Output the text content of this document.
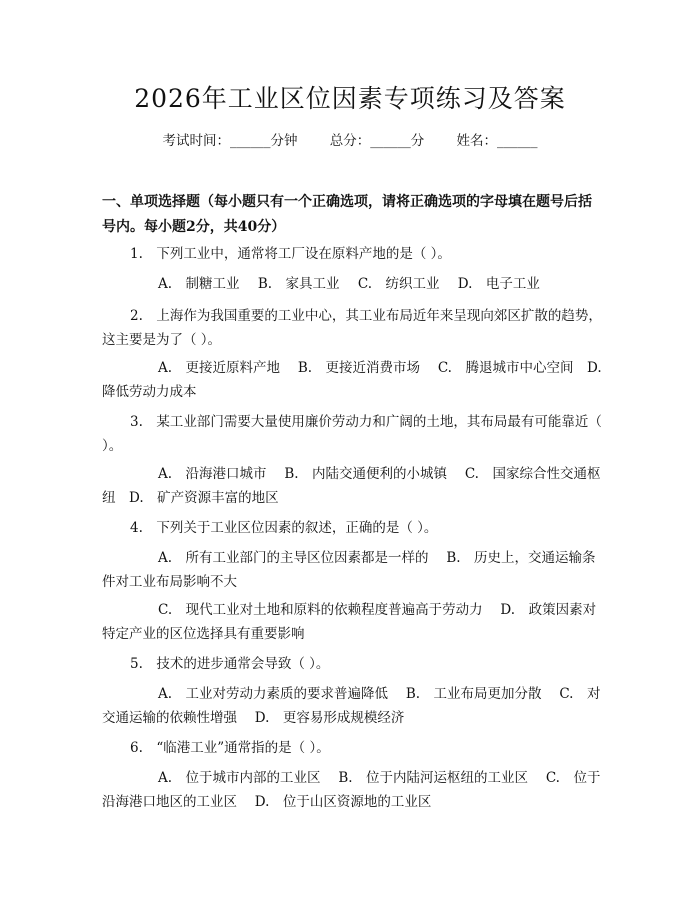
2026年工业区位因素专项练习及答案
考试时间：______分钟 总分：______分 姓名：______
一、单项选择题（每小题只有一个正确选项，请将正确选项的字母填在题号后括号内。每小题2分，共40分）
1.　下列工业中，通常将工厂设在原料产地的是（ ）。
A.　制糖工业 B.　家具工业 C.　纺织工业 D.　电子工业
2.　上海作为我国重要的工业中心，其工业布局近年来呈现向郊区扩散的趋势，这主要是为了（ ）。
A.　更接近原料产地　 B.　更接近消费市场　 C.　腾退城市中心空间　D.　降低劳动力成本
3.　某工业部门需要大量使用廉价劳动力和广阔的土地，其布局最有可能靠近（ ）。
A.　沿海港口城市　 B.　内陆交通便利的小城镇　 C.　国家综合性交通枢纽　D.　矿产资源丰富的地区
4.　下列关于工业区位因素的叙述，正确的是（ ）。
A.　所有工业部门的主导区位因素都是一样的　 B.　历史上，交通运输条件对工业布局影响不大
C.　现代工业对土地和原料的依赖程度普遍高于劳动力　 D.　政策因素对特定产业的区位选择具有重要影响
5.　技术的进步通常会导致（ ）。
A.　工业对劳动力素质的要求普遍降低　 B.　工业布局更加分散　 C.　对交通运输的依赖性增强　 D.　更容易形成规模经济
6.　“临港工业”通常指的是（ ）。
A.　位于城市内部的工业区　 B.　位于内陆河运枢纽的工业区　 C.　位于沿海港口地区的工业区　 D.　位于山区资源地的工业区
